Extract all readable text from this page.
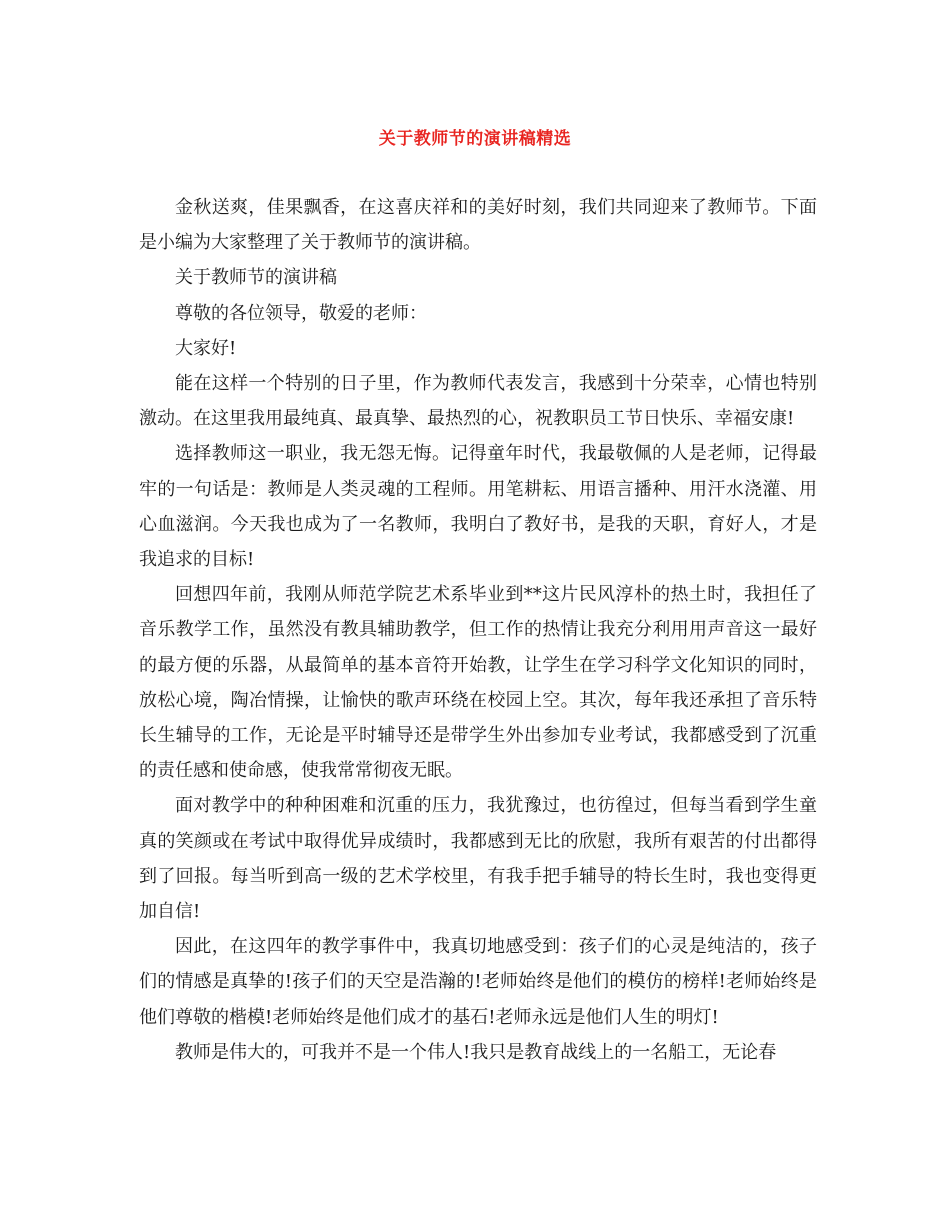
关于教师节的演讲稿精选

金秋送爽，佳果飘香，在这喜庆祥和的美好时刻，我们共同迎来了教师节。下面是小编为大家整理了关于教师节的演讲稿。

关于教师节的演讲稿

尊敬的各位领导，敬爱的老师：

大家好!

能在这样一个特别的日子里，作为教师代表发言，我感到十分荣幸，心情也特别激动。在这里我用最纯真、最真挚、最热烈的心，祝教职员工节日快乐、幸福安康!

选择教师这一职业，我无怨无悔。记得童年时代，我最敬佩的人是老师，记得最牢的一句话是：教师是人类灵魂的工程师。用笔耕耘、用语言播种、用汗水浇灌、用心血滋润。今天我也成为了一名教师，我明白了教好书，是我的天职，育好人，才是我追求的目标!

回想四年前，我刚从师范学院艺术系毕业到**这片民风淳朴的热土时，我担任了音乐教学工作，虽然没有教具辅助教学，但工作的热情让我充分利用用声音这一最好的最方便的乐器，从最简单的基本音符开始教，让学生在学习科学文化知识的同时，放松心境，陶冶情操，让愉快的歌声环绕在校园上空。其次，每年我还承担了音乐特长生辅导的工作，无论是平时辅导还是带学生外出参加专业考试，我都感受到了沉重的责任感和使命感，使我常常彻夜无眠。

面对教学中的种种困难和沉重的压力，我犹豫过，也彷徨过，但每当看到学生童真的笑颜或在考试中取得优异成绩时，我都感到无比的欣慰，我所有艰苦的付出都得到了回报。每当听到高一级的艺术学校里，有我手把手辅导的特长生时，我也变得更加自信!

因此，在这四年的教学事件中，我真切地感受到：孩子们的心灵是纯洁的，孩子们的情感是真挚的!孩子们的天空是浩瀚的!老师始终是他们的模仿的榜样!老师始终是他们尊敬的楷模!老师始终是他们成才的基石!老师永远是他们人生的明灯!

教师是伟大的，可我并不是一个伟人!我只是教育战线上的一名船工，无论春
